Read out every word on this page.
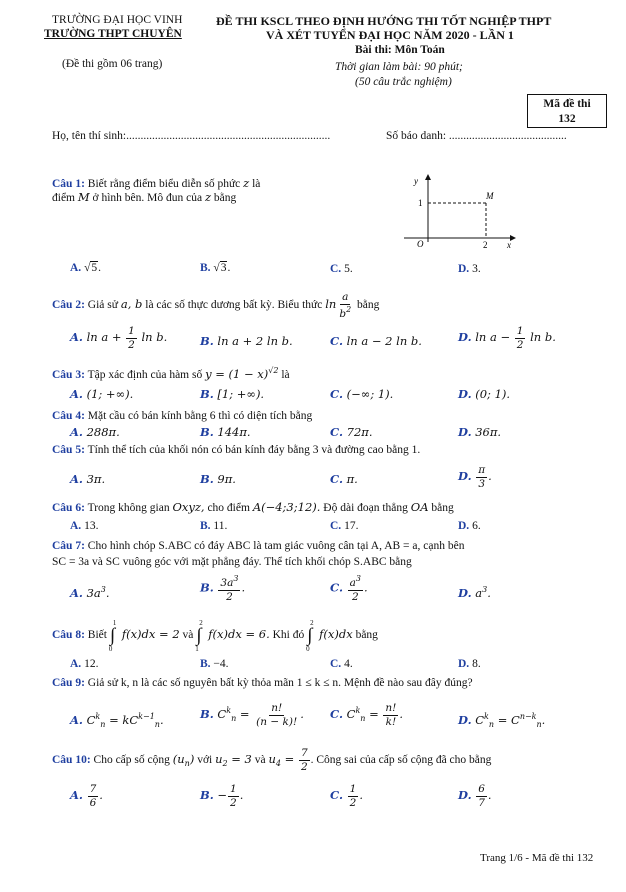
TRƯỜNG ĐẠI HỌC VINH
TRƯỜNG THPT CHUYÊN
(Đề thi gồm 06 trang)
ĐỀ THI KSCL THEO ĐỊNH HƯỚNG THI TỐT NGHIỆP THPT
VÀ XÉT TUYỂN ĐẠI HỌC NĂM 2020 - LẦN 1
Bài thi: Môn Toán
Thời gian làm bài: 90 phút;
(50 câu trắc nghiệm)
Mã đề thi
132
Họ, tên thí sinh:.......................................................................	Số báo danh: .........................................
y
x
O
1
2
M
Câu 1: Biết rằng điểm biểu diễn số phức z là
điểm M ở hình bên. Mô đun của z bằng
A. √5.	B. √3.	C. 5.	D. 3.
Câu 2: Giả sử a, b là các số thực dương bất kỳ. Biểu thức $\ln \frac{a}{b^2}$ bằng
A. $\ln a + \frac{1}{2}$ ln b.	B. ln a + 2 ln b.	C. ln a − 2 ln b.	D. $\ln a - \frac{1}{2}$ ln b.
Câu 3: Tập xác định của hàm số $y = (1 - x)^{√2}$ là
A. (1; +∞).	B. [1; +∞).	C. (−∞; 1).	D. (0; 1).
Câu 4: Mặt cầu có bán kính bằng 6 thì có diện tích bằng
A. 288π.	B. 144π.	C. 72π.	D. 36π.
Câu 5: Tính thể tích của khối nón có bán kính đáy bằng 3 và đường cao bằng 1.
A. 3π.	B. 9π.	C. π.	D. $\frac{\pi}{3}$ .
Câu 6: Trong không gian Oxyz, cho điểm A(−4;3;12). Độ dài đoạn thẳng OA bằng
A. 13.	B. 11.	C. 17.	D. 6.
Câu 7: Cho hình chóp S.ABC có đáy ABC là tam giác vuông cân tại A, AB = a, cạnh bên
SC = 3a và SC vuông góc với mặt phẳng đáy. Thể tích khối chóp S.ABC bằng
A. $3a^3$.	B. $\frac{3a^3}{2}$ .	C. $\frac{a^3}{2}$ .	D. $a^3$.
Câu 8: Biết ∫
1
0
f(x)dx = 2 và ∫
2
1
f(x)dx = 6. Khi đó ∫
2
0
f(x)dx bằng
A. 12.	B. −4.	C. 4.	D. 8.
Câu 9: Giả sử k, n là các số nguyên bất kỳ thỏa mãn 1 ≤ k ≤ n. Mệnh đề nào sau đây đúng?
A. $C^k_n = kC^{k-1}_n$.	B. $C^k_n = \frac{n!}{(n - k)!}$ . C. $C^k_n = \frac{n!}{k!}$ .	D. $C^k_n = C^{n-k}_n$.
Câu 10: Cho cấp số cộng $(u_n)$ với $u_2 = 3$ và $u_4 = \frac{7}{2}$ . Công sai của cấp số cộng đã cho bằng
A. $\frac{7}{6}$ .	B. − $\frac{1}{2}$ .	C. $\frac{1}{2}$ .	D. $\frac{6}{7}$ .
Trang 1/6 - Mã đề thi 132
